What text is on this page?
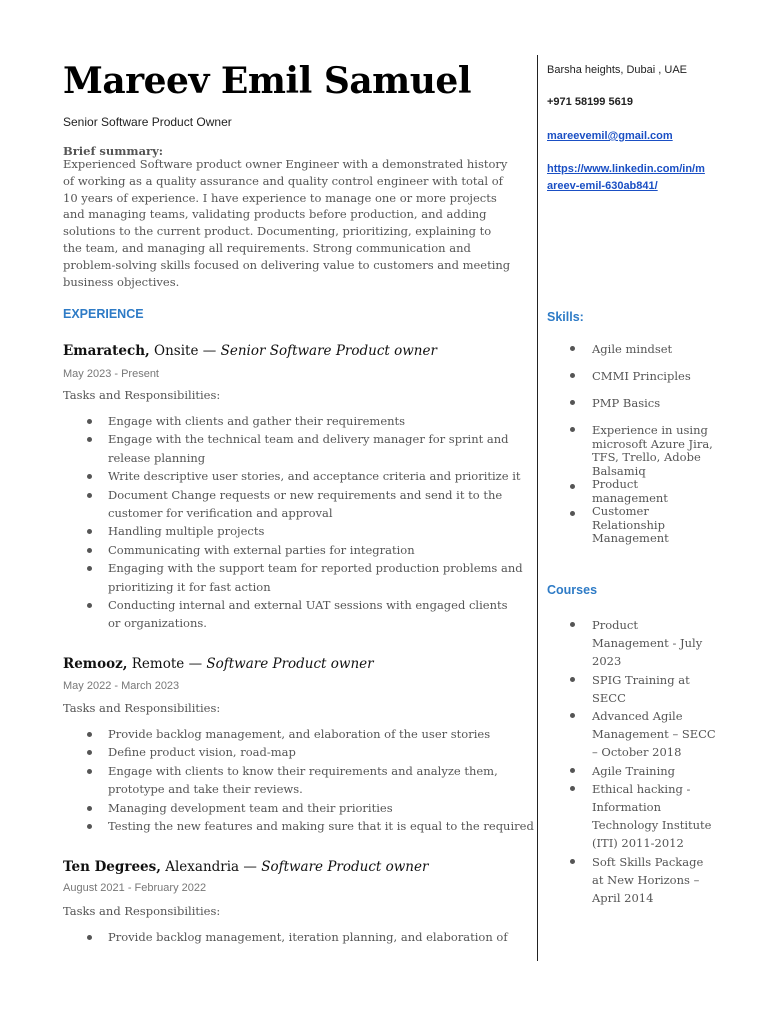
Mareev Emil Samuel
Senior Software Product Owner
Brief summary:
Experienced Software product owner Engineer with a demonstrated history of working as a quality assurance and quality control engineer with total of 10 years of experience. I have experience to manage one or more projects and managing teams, validating products before production, and adding solutions to the current product. Documenting, prioritizing, explaining to the team, and managing all requirements. Strong communication and problem-solving skills focused on delivering value to customers and meeting business objectives.
EXPERIENCE
Emaratech, Onsite — Senior Software Product owner
May 2023 - Present
Tasks and Responsibilities:
Engage with clients and gather their requirements
Engage with the technical team and delivery manager for sprint and release planning
Write descriptive user stories, and acceptance criteria and prioritize it
Document Change requests or new requirements and send it to the customer for verification and approval
Handling multiple projects
Communicating with external parties for integration
Engaging with the support team for reported production problems and prioritizing it for fast action
Conducting internal and external UAT sessions with engaged clients or organizations.
Remooz, Remote — Software Product owner
May 2022 - March 2023
Tasks and Responsibilities:
Provide backlog management, and elaboration of the user stories
Define product vision, road-map
Engage with clients to know their requirements and analyze them, prototype and take their reviews.
Managing development team and their priorities
Testing the new features and making sure that it is equal to the required
Ten Degrees, Alexandria — Software Product owner
August 2021 - February 2022
Tasks and Responsibilities:
Provide backlog management, iteration planning, and elaboration of
Barsha heights, Dubai , UAE
+971 58199 5619
mareevemil@gmail.com
https://www.linkedin.com/in/mareev-emil-630ab841/
Skills:
Agile mindset
CMMI Principles
PMP Basics
Experience in using microsoft Azure Jira, TFS, Trello, Adobe Balsamiq
Product management
Customer Relationship Management
Courses
Product Management - July 2023
SPIG Training at SECC
Advanced Agile Management – SECC – October 2018
Agile Training
Ethical hacking - Information Technology Institute (ITI) 2011-2012
Soft Skills Package at New Horizons – April 2014
